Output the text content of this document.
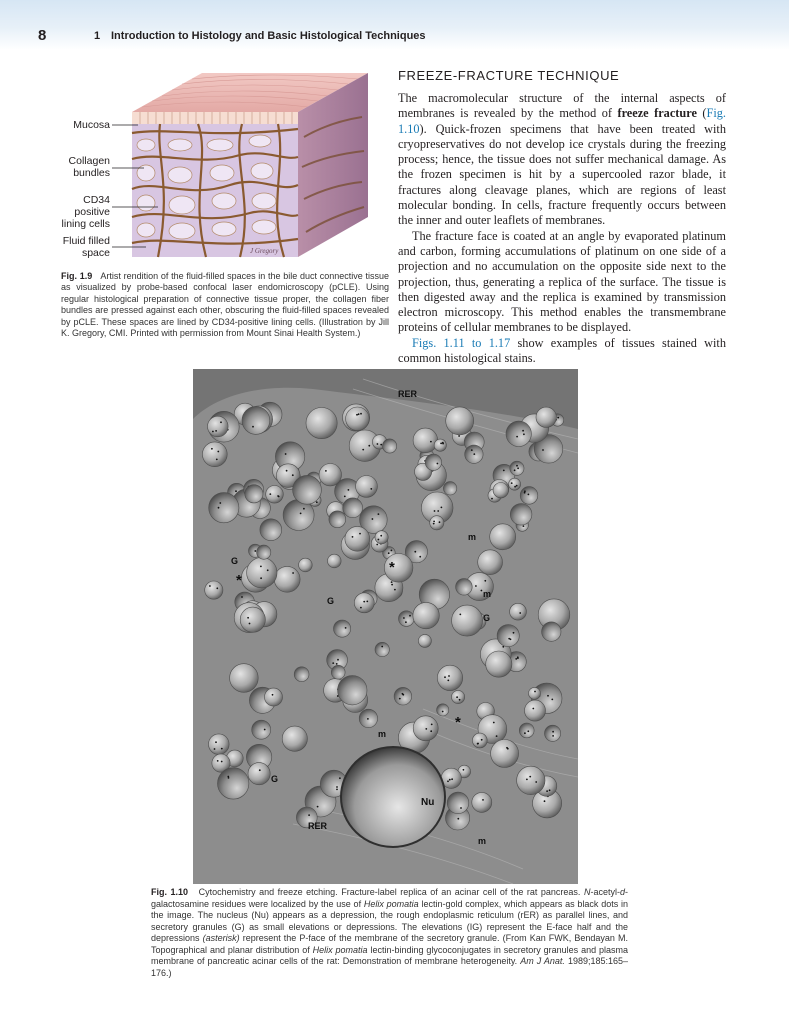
8	1 Introduction to Histology and Basic Histological Techniques
Mucosa
Collagen bundles
CD34 positive lining cells
Fluid filled space	J Gregory
Fig. 1.9 Artist rendition of the fluid-filled spaces in the bile duct connective tissue as visualized by probe-based confocal laser endomicroscopy (pCLE). Using regular histological preparation of connective tissue proper, the collagen fiber bundles are pressed against each other, obscuring the fluid-filled spaces revealed by pCLE. These spaces are lined by CD34-positive lining cells. (Illustration by Jill K. Gregory, CMI. Printed with permission from Mount Sinai Health System.)
FREEZE-FRACTURE TECHNIQUE

The macromolecular structure of the internal aspects of membranes is revealed by the method of freeze fracture (Fig. 1.10). Quick-frozen specimens that have been treated with cryopreservatives do not develop ice crystals during the freezing process; hence, the tissue does not suffer mechanical damage. As the frozen specimen is hit by a supercooled razor blade, it fractures along cleavage planes, which are regions of least molecular bonding. In cells, fracture frequently occurs between the inner and outer leaflets of membranes.

The fracture face is coated at an angle by evaporated platinum and carbon, forming accumulations of platinum on one side of a projection and no accumulation on the opposite side next to the projection, thus, generating a replica of the surface. The tissue is then digested away and the replica is examined by transmission electron microscopy. This method enables the transmembrane proteins of cellular membranes to be displayed.

Figs. 1.11 to 1.17 show examples of tissues stained with common histological stains.

RER
RER
Nu
m
m
m
m
G
G
G
G
*
*
*
Fig. 1.10 Cytochemistry and freeze etching. Fracture-label replica of an acinar cell of the rat pancreas. N-acetyl-d-galactosamine residues were localized by the use of Helix pomatia lectin-gold complex, which appears as black dots in the image. The nucleus (Nu) appears as a depression, the rough endoplasmic reticulum (rER) as parallel lines, and secretory granules (G) as small elevations or depressions. The elevations (IG) represent the E-face half and the depressions (asterisk) represent the P-face of the membrane of the secretory granule. (From Kan FWK, Bendayan M. Topographical and planar distribution of Helix pomatia lectin-binding glycoconjugates in secretory granules and plasma membrane of pancreatic acinar cells of the rat: Demonstration of membrane heterogeneity. Am J Anat. 1989;185:165–176.)
